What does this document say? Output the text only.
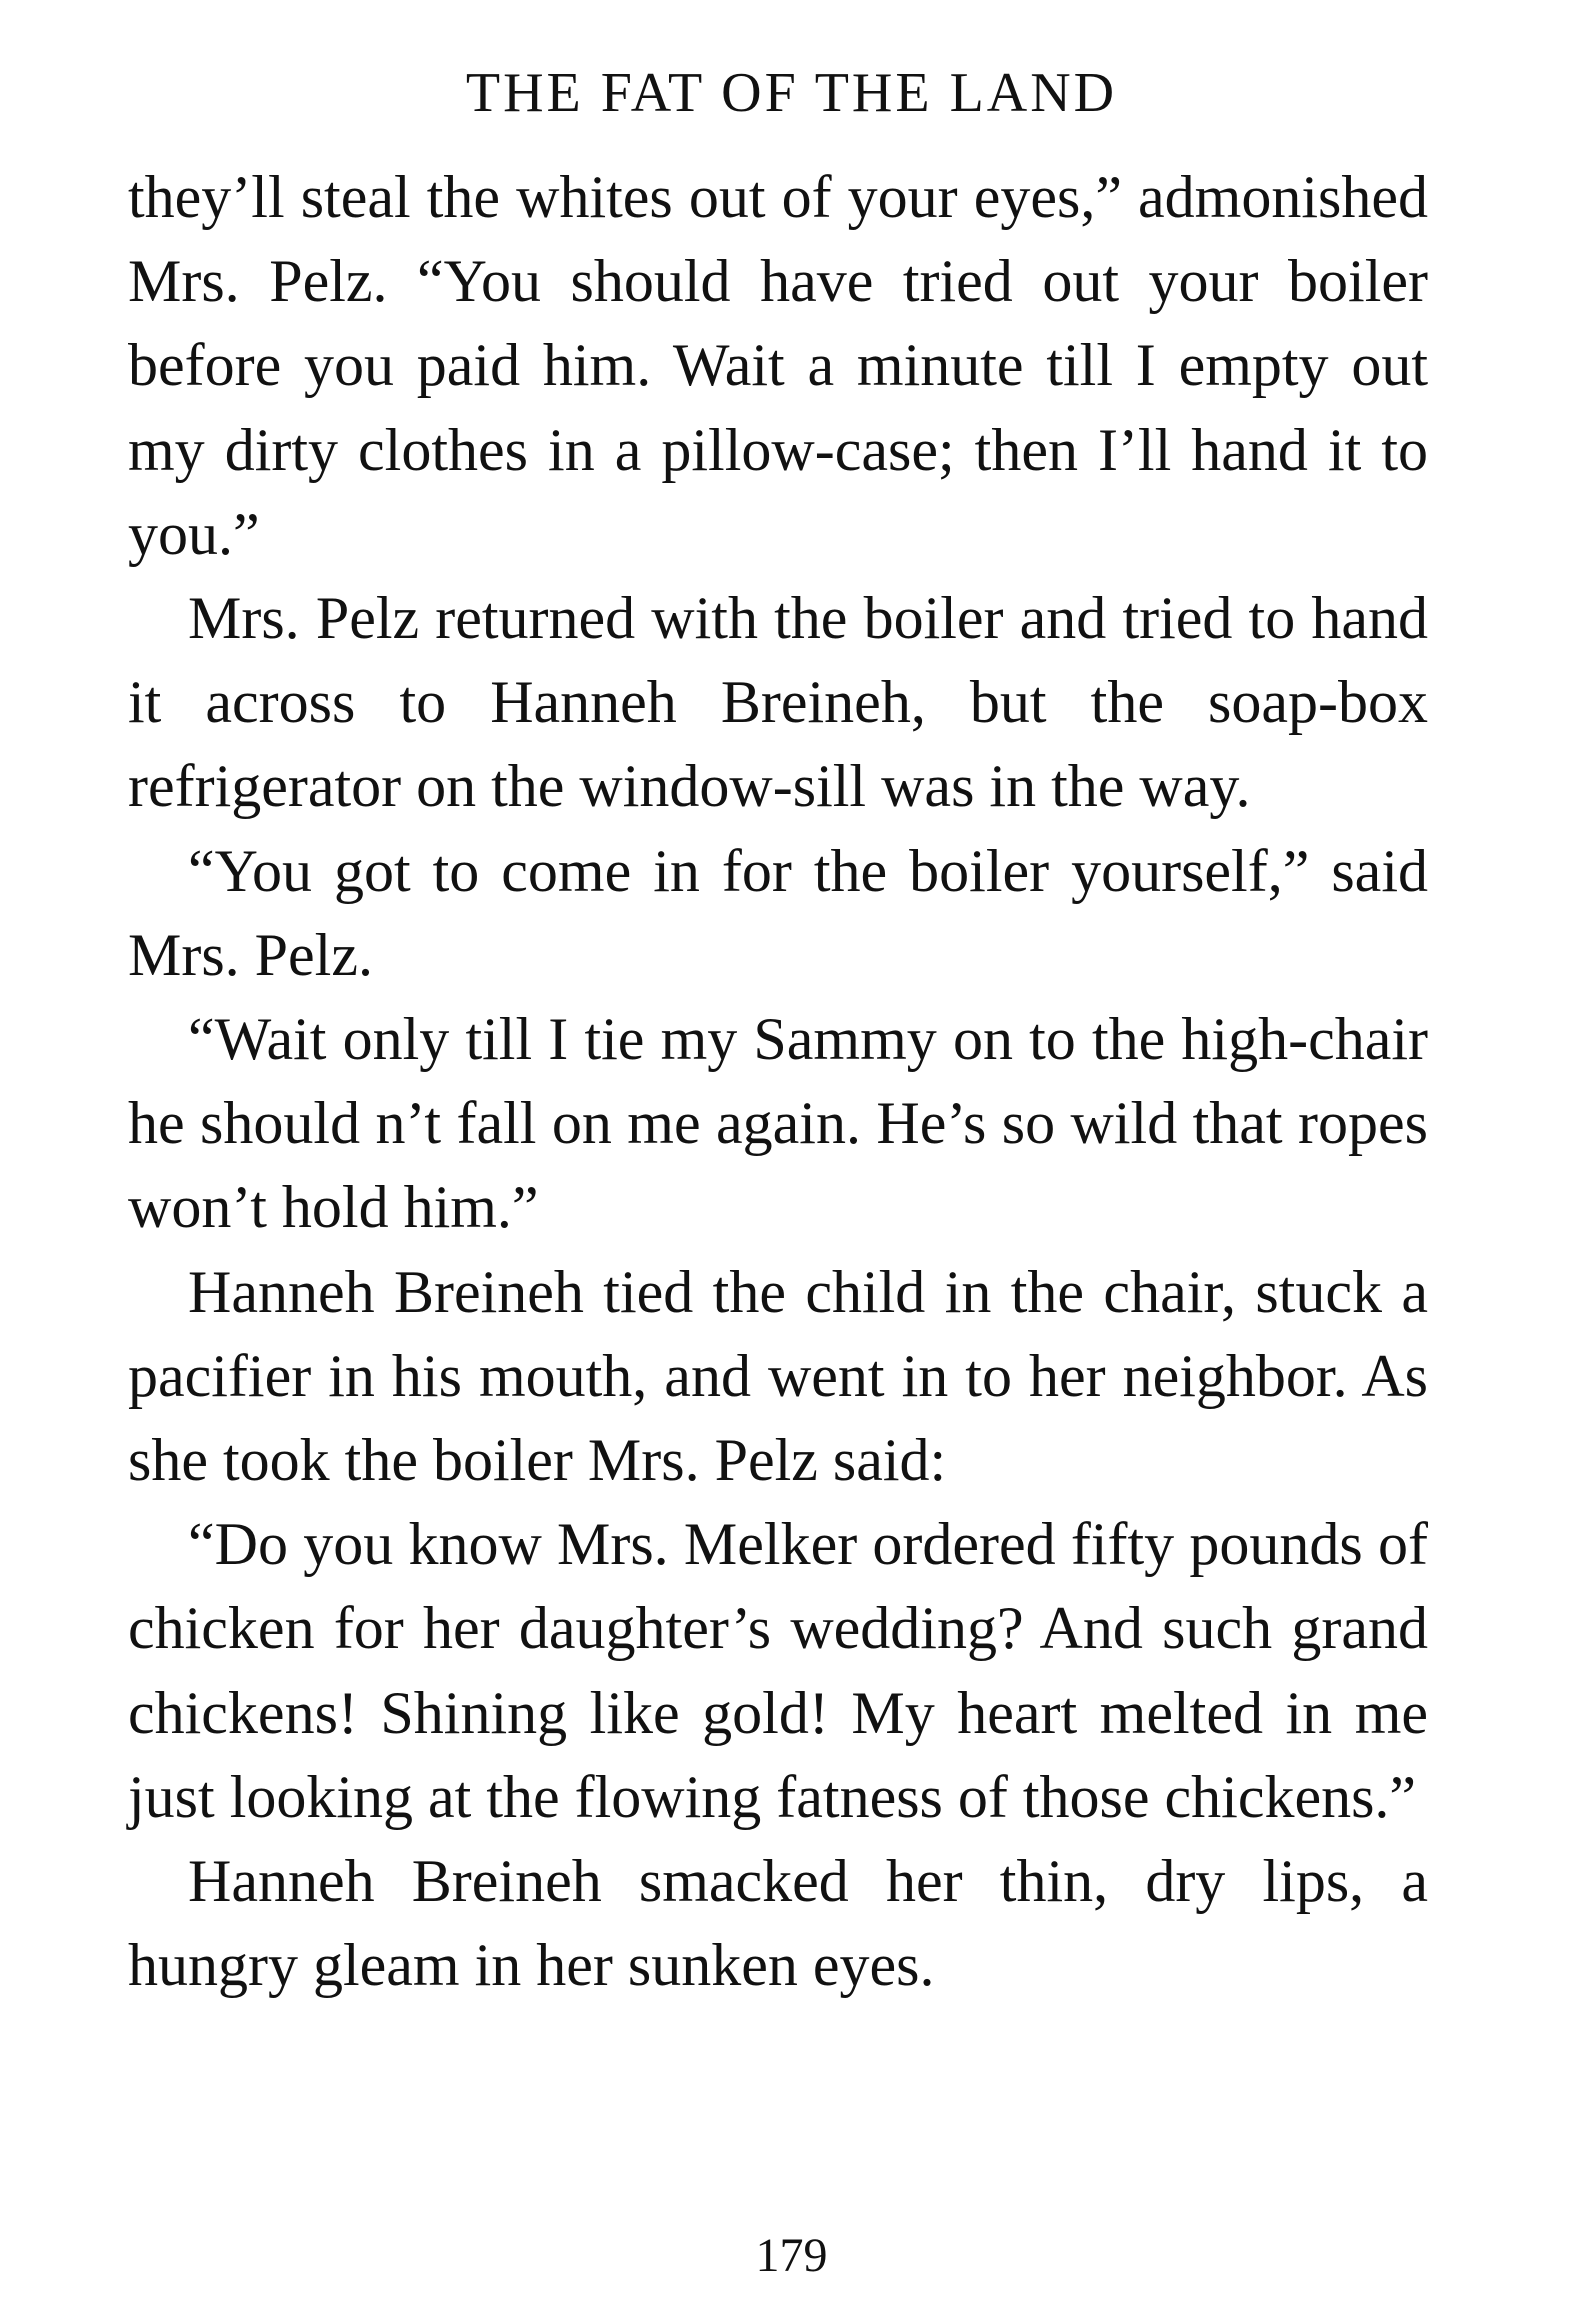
THE FAT OF THE LAND

they’ll steal the whites out of your eyes,” admonished Mrs. Pelz. “You should have tried out your boiler before you paid him. Wait a minute till I empty out my dirty clothes in a pillow-case; then I’ll hand it to you.”

Mrs. Pelz returned with the boiler and tried to hand it across to Hanneh Breineh, but the soap-box refrigerator on the window-sill was in the way.

“You got to come in for the boiler yourself,” said Mrs. Pelz.

“Wait only till I tie my Sammy on to the high-chair he should n’t fall on me again. He’s so wild that ropes won’t hold him.”

Hanneh Breineh tied the child in the chair, stuck a pacifier in his mouth, and went in to her neighbor. As she took the boiler Mrs. Pelz said:

“Do you know Mrs. Melker ordered fifty pounds of chicken for her daughter’s wedding? And such grand chickens! Shining like gold! My heart melted in me just looking at the flowing fatness of those chickens.”

Hanneh Breineh smacked her thin, dry lips, a hungry gleam in her sunken eyes.

179
